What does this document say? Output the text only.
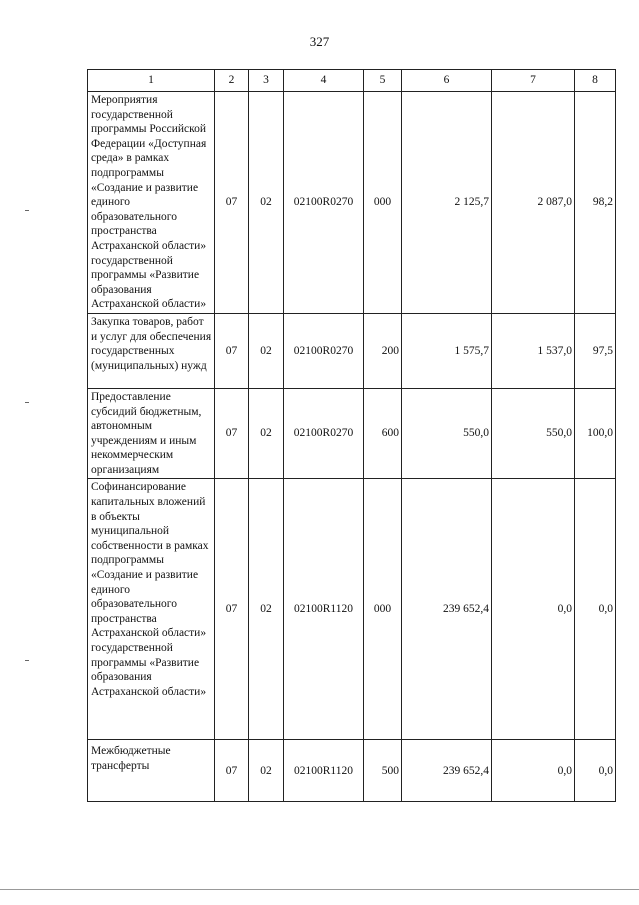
327
1	2	3	4	5	6	7	8
Мероприятия государственной программы Российской Федерации «Доступная среда» в рамках подпрограммы «Создание и развитие единого образовательного пространства Астраханской области» государственной программы «Развитие образования Астраханской области»	07	02	02100R0270	000	2 125,7	2 087,0	98,2
Закупка товаров, работ и услуг для обеспечения государственных (муниципальных) нужд	07	02	02100R0270	200	1 575,7	1 537,0	97,5
Предоставление субсидий бюджетным, автономным учреждениям и иным некоммерческим организациям	07	02	02100R0270	600	550,0	550,0	100,0
Софинансирование капитальных вложений в объекты муниципальной собственности в рамках подпрограммы «Создание и развитие единого образовательного пространства Астраханской области» государственной программы «Развитие образования Астраханской области»	07	02	02100R1120	000	239 652,4	0,0	0,0
Межбюджетные трансферты	07	02	02100R1120	500	239 652,4	0,0	0,0
